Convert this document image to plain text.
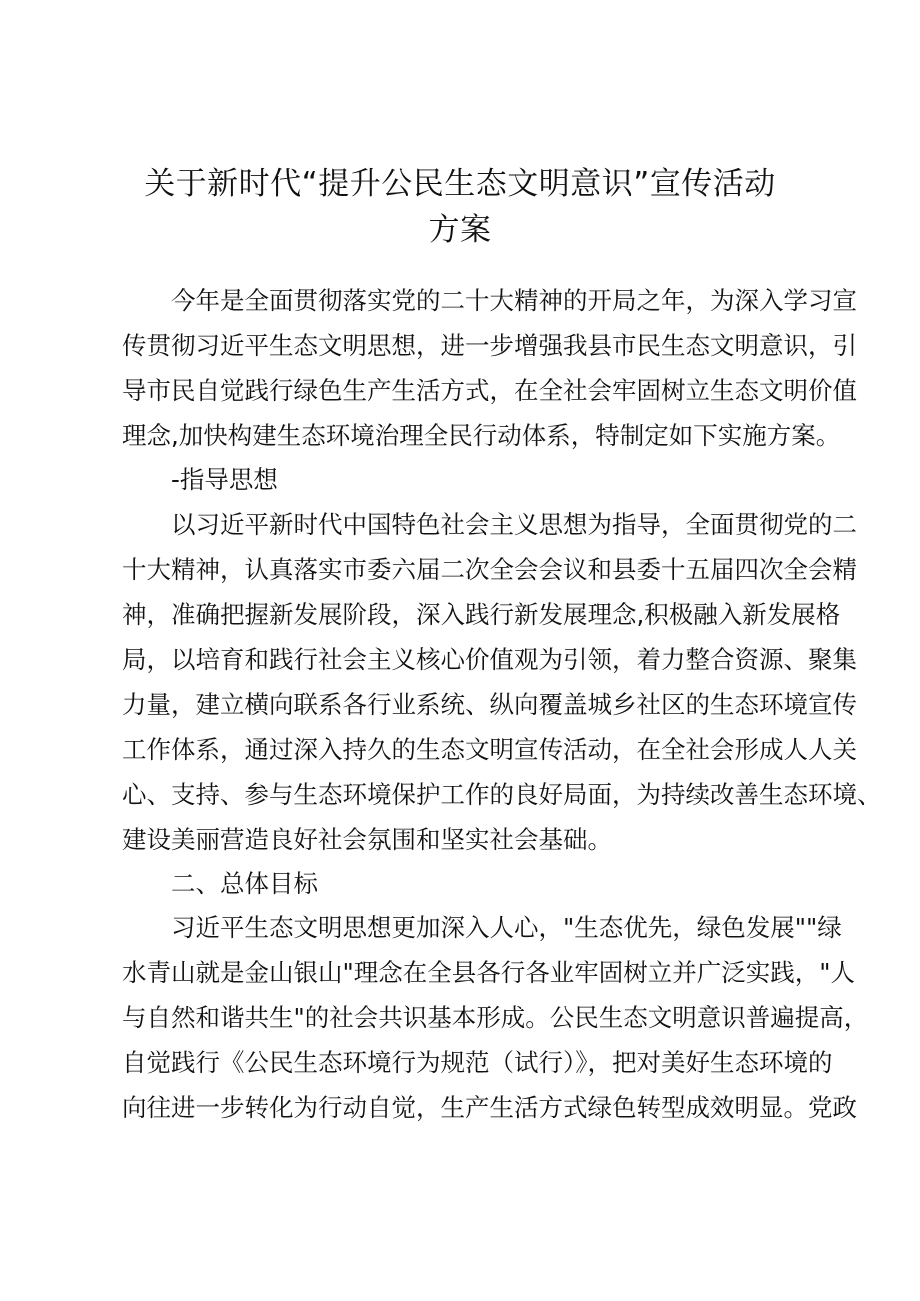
关于新时代“提升公民生态文明意识”宣传活动
方案
今年是全面贯彻落实党的二十大精神的开局之年，为深入学习宣
传贯彻习近平生态文明思想，进一步增强我县市民生态文明意识，引
导市民自觉践行绿色生产生活方式，在全社会牢固树立生态文明价值
理念,加快构建生态环境治理全民行动体系，特制定如下实施方案。
-指导思想
以习近平新时代中国特色社会主义思想为指导，全面贯彻党的二
十大精神，认真落实市委六届二次全会会议和县委十五届四次全会精
神，准确把握新发展阶段，深入践行新发展理念,积极融入新发展格
局，以培育和践行社会主义核心价值观为引领，着力整合资源、聚集
力量，建立横向联系各行业系统、纵向覆盖城乡社区的生态环境宣传
工作体系，通过深入持久的生态文明宣传活动，在全社会形成人人关
心、支持、参与生态环境保护工作的良好局面，为持续改善生态环境、
建设美丽营造良好社会氛围和坚实社会基础。
二、总体目标
习近平生态文明思想更加深入人心，"生态优先，绿色发展""绿
水青山就是金山银山"理念在全县各行各业牢固树立并广泛实践，"人
与自然和谐共生"的社会共识基本形成。公民生态文明意识普遍提高，
自觉践行《公民生态环境行为规范（试行）》，把对美好生态环境的
向往进一步转化为行动自觉，生产生活方式绿色转型成效明显。党政
